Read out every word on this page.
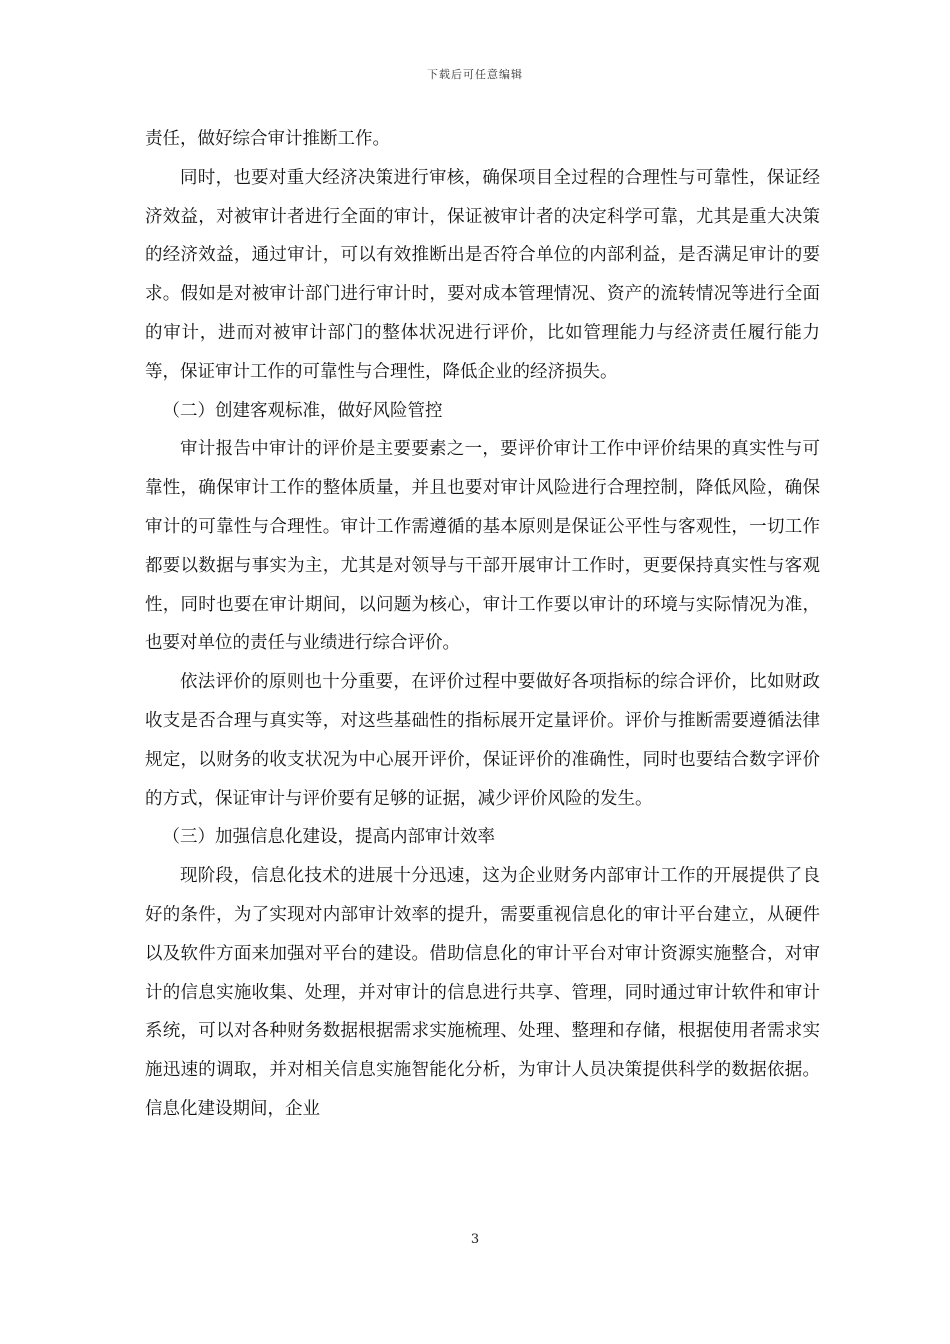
下载后可任意编辑

责任，做好综合审计推断工作。

同时，也要对重大经济决策进行审核，确保项目全过程的合理性与可靠性，保证经济效益，对被审计者进行全面的审计，保证被审计者的决定科学可靠，尤其是重大决策的经济效益，通过审计，可以有效推断出是否符合单位的内部利益，是否满足审计的要求。假如是对被审计部门进行审计时，要对成本管理情况、资产的流转情况等进行全面的审计，进而对被审计部门的整体状况进行评价，比如管理能力与经济责任履行能力等，保证审计工作的可靠性与合理性，降低企业的经济损失。

（二）创建客观标准，做好风险管控

审计报告中审计的评价是主要要素之一，要评价审计工作中评价结果的真实性与可靠性，确保审计工作的整体质量，并且也要对审计风险进行合理控制，降低风险，确保审计的可靠性与合理性。审计工作需遵循的基本原则是保证公平性与客观性，一切工作都要以数据与事实为主，尤其是对领导与干部开展审计工作时，更要保持真实性与客观性，同时也要在审计期间，以问题为核心，审计工作要以审计的环境与实际情况为准，也要对单位的责任与业绩进行综合评价。

依法评价的原则也十分重要，在评价过程中要做好各项指标的综合评价，比如财政收支是否合理与真实等，对这些基础性的指标展开定量评价。评价与推断需要遵循法律规定，以财务的收支状况为中心展开评价，保证评价的准确性，同时也要结合数字评价的方式，保证审计与评价要有足够的证据，减少评价风险的发生。

（三）加强信息化建设，提高内部审计效率

现阶段，信息化技术的进展十分迅速，这为企业财务内部审计工作的开展提供了良好的条件，为了实现对内部审计效率的提升，需要重视信息化的审计平台建立，从硬件以及软件方面来加强对平台的建设。借助信息化的审计平台对审计资源实施整合，对审计的信息实施收集、处理，并对审计的信息进行共享、管理，同时通过审计软件和审计系统，可以对各种财务数据根据需求实施梳理、处理、整理和存储，根据使用者需求实施迅速的调取，并对相关信息实施智能化分析，为审计人员决策提供科学的数据依据。信息化建设期间，企业

3
